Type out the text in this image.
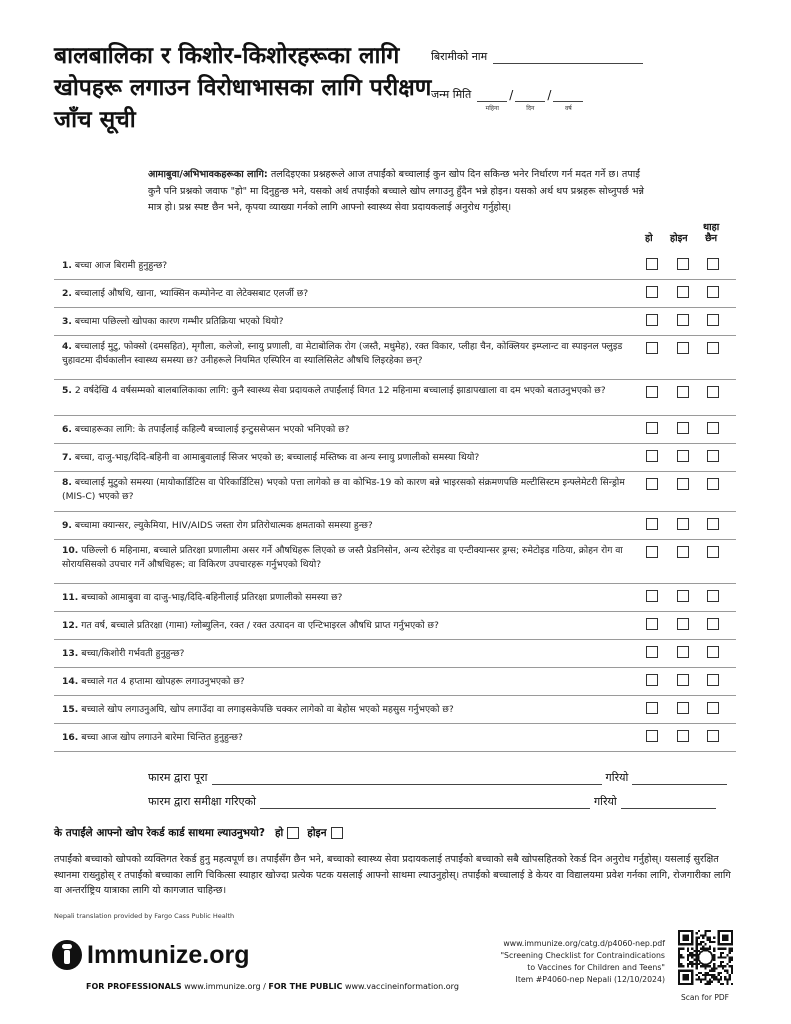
बालबालिका र किशोर-किशोरहरूका लागि खोपहरू लगाउन विरोधाभासका लागि परीक्षण जाँच सूची
बिरामीको नाम
जन्म मिति
महिना
/
दिन
/
वर्ष
आमाबुवा/अभिभावकहरूका लागि: तलदिइएका प्रश्नहरूले आज तपाईंको बच्चालाई कुन खोप दिन सकिन्छ भनेर निर्धारण गर्न मदत गर्ने छ। तपाईं कुनै पनि प्रश्नको जवाफ "हो" मा दिनुहुन्छ भने, यसको अर्थ तपाईंको बच्चाले खोप लगाउनु हुँदैन भन्ने होइन। यसको अर्थ थप प्रश्नहरू सोध्नुपर्छ भन्ने मात्र हो। प्रश्न स्पष्ट छैन भने, कृपया व्याख्या गर्नको लागि आफ्नो स्वास्थ्य सेवा प्रदायकलाई अनुरोध गर्नुहोस्।
हो होइन
थाहा
छैन
1. बच्चा आज बिरामी हुनुहुन्छ?
2. बच्चालाई औषधि, खाना, भ्याक्सिन कम्पोनेन्ट वा लेटेक्सबाट एलर्जी छ?
3. बच्चामा पछिल्लो खोपका कारण गम्भीर प्रतिक्रिया भएको थियो?
4. बच्चालाई मुटु, फोक्सो (दमसहित), मृगौला, कलेजो, स्नायु प्रणाली, वा मेटाबोलिक रोग (जस्तै, मधुमेह), रक्त विकार, प्लीहा चैन, कोक्लियर इम्प्लान्ट वा स्पाइनल फ्लुइड चुहावटमा दीर्घकालीन स्वास्थ्य समस्या छ? उनीहरूले नियमित एस्पिरिन वा स्यालिसिलेट औषधि लिइरहेका छन्?
5. 2 वर्षदेखि 4 वर्षसम्मको बालबालिकाका लागि: कुनै स्वास्थ्य सेवा प्रदायकले तपाईंलाई विगत 12 महिनामा बच्चालाई झाडापखाला वा दम भएको बताउनुभएको छ?
6. बच्चाहरूका लागि: के तपाईंलाई कहिल्यै बच्चालाई इन्टुससेप्सन भएको भनिएको छ?
7. बच्चा, दाजु-भाइ/दिदि-बहिनी वा आमाबुवालाई सिजर भएको छ; बच्चालाई मस्तिष्क वा अन्य स्नायु प्रणालीको समस्या थियो?
8. बच्चालाई मुटुको समस्या (मायोकार्डिटिस वा पेरिकार्डिटिस) भएको पत्ता लागेको छ वा कोभिड-19 को कारण बन्ने भाइरसको संक्रमणपछि मल्टीसिस्टम इन्फ्लेमेटरी सिन्ड्रोम (MIS-C) भएको छ?
9. बच्चामा क्यान्सर, ल्युकेमिया, HIV/AIDS जस्ता रोग प्रतिरोधात्मक क्षमताको समस्या हुन्छ?
10. पछिल्लो 6 महिनामा, बच्चाले प्रतिरक्षा प्रणालीमा असर गर्ने औषधिहरू लिएको छ जस्तै प्रेडनिसोन, अन्य स्टेरोइड वा एन्टीक्यान्सर ड्रग्स; रुमेटोइड गठिया, क्रोहन रोग वा सोरायसिसको उपचार गर्ने औषधिहरू; वा विकिरण उपचारहरू गर्नुभएको थियो?
11. बच्चाको आमाबुवा वा दाजु-भाइ/दिदि-बहिनीलाई प्रतिरक्षा प्रणालीको समस्या छ?
12. गत वर्ष, बच्चाले प्रतिरक्षा (गामा) ग्लोब्युलिन, रक्त / रक्त उत्पादन वा एन्टिभाइरल औषधि प्राप्त गर्नुभएको छ?
13. बच्चा/किशोरी गर्भवती हुनुहुन्छ?
14. बच्चाले गत 4 हप्तामा खोपहरू लगाउनुभएको छ?
15. बच्चाले खोप लगाउनुअघि, खोप लगाउँदा वा लगाइसकेपछि चक्कर लागेको वा बेहोस भएको महसुस गर्नुभएको छ?
16. बच्चा आज खोप लगाउने बारेमा चिन्तित हुनुहुन्छ?
फारम द्वारा पूरा	गरियो
फारम द्वारा समीक्षा गरिएको	गरियो
के तपाईंले आफ्नो खोप रेकर्ड कार्ड साथमा ल्याउनुभयो? हो होइन
तपाईंको बच्चाको खोपको व्यक्तिगत रेकर्ड हुनु महत्वपूर्ण छ। तपाईंसँग छैन भने, बच्चाको स्वास्थ्य सेवा प्रदायकलाई तपाईंको बच्चाको सबै खोपसहितको रेकर्ड दिन अनुरोध गर्नुहोस्। यसलाई सुरक्षित स्थानमा राख्नुहोस् र तपाईंको बच्चाका लागि चिकित्सा स्याहार खोज्दा प्रत्येक पटक यसलाई आफ्नो साथमा ल्याउनुहोस्। तपाईंको बच्चालाई डे केयर वा विद्यालयमा प्रवेश गर्नका लागि, रोजगारीका लागि वा अन्तर्राष्ट्रिय यात्राका लागि यो कागजात चाहिन्छ।
Nepali translation provided by Fargo Cass Public Health
Immunize.org
FOR PROFESSIONALS www.immunize.org / FOR THE PUBLIC www.vaccineinformation.org
www.immunize.org/catg.d/p4060-nep.pdf
"Screening Checklist for Contraindications
to Vaccines for Children and Teens"
Item #P4060-nep Nepali (12/10/2024)
Scan for PDF
